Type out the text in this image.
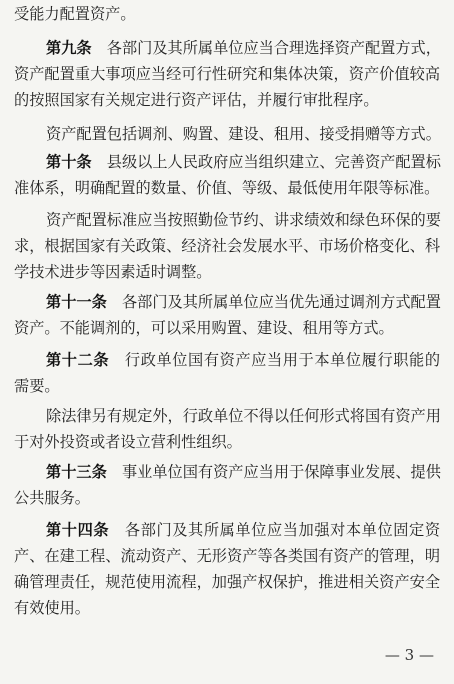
受能力配置资产。
第九条　各部门及其所属单位应当合理选择资产配置方式，
资产配置重大事项应当经可行性研究和集体决策，资产价值较高
的按照国家有关规定进行资产评估，并履行审批程序。
资产配置包括调剂、购置、建设、租用、接受捐赠等方式。
第十条　县级以上人民政府应当组织建立、完善资产配置标
准体系，明确配置的数量、价值、等级、最低使用年限等标准。
资产配置标准应当按照勤俭节约、讲求绩效和绿色环保的要
求，根据国家有关政策、经济社会发展水平、市场价格变化、科
学技术进步等因素适时调整。
第十一条　各部门及其所属单位应当优先通过调剂方式配置
资产。不能调剂的，可以采用购置、建设、租用等方式。
第十二条　行政单位国有资产应当用于本单位履行职能的
需要。
除法律另有规定外，行政单位不得以任何形式将国有资产用
于对外投资或者设立营利性组织。
第十三条　事业单位国有资产应当用于保障事业发展、提供
公共服务。
第十四条　各部门及其所属单位应当加强对本单位固定资
— 3 —
产、在建工程、流动资产、无形资产等各类国有资产的管理，明
确管理责任，规范使用流程，加强产权保护，推进相关资产安全
有效使用。
